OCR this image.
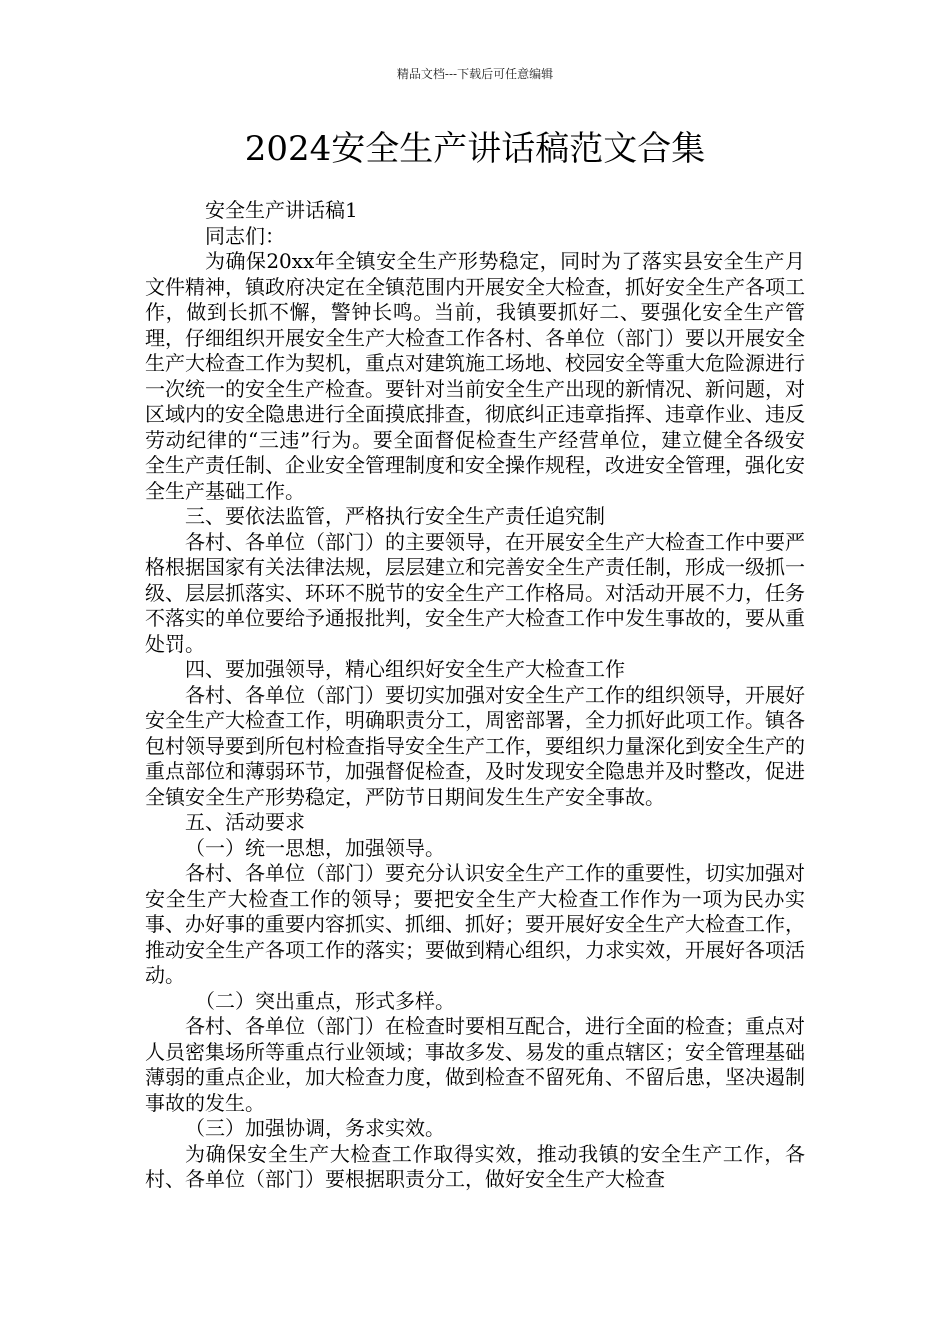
精品文档---下载后可任意编辑
2024安全生产讲话稿范文合集

安全生产讲话稿1

同志们：

为确保20xx年全镇安全生产形势稳定，同时为了落实县安全生产月文件精神，镇政府决定在全镇范围内开展安全大检查，抓好安全生产各项工作，做到长抓不懈，警钟长鸣。当前，我镇要抓好二、要强化安全生产管理，仔细组织开展安全生产大检查工作各村、各单位（部门）要以开展安全生产大检查工作为契机，重点对建筑施工场地、校园安全等重大危险源进行一次统一的安全生产检查。要针对当前安全生产出现的新情况、新问题，对区域内的安全隐患进行全面摸底排查，彻底纠正违章指挥、违章作业、违反劳动纪律的“三违”行为。要全面督促检查生产经营单位，建立健全各级安全生产责任制、企业安全管理制度和安全操作规程，改进安全管理，强化安全生产基础工作。

三、要依法监管，严格执行安全生产责任追究制

各村、各单位（部门）的主要领导，在开展安全生产大检查工作中要严格根据国家有关法律法规，层层建立和完善安全生产责任制，形成一级抓一级、层层抓落实、环环不脱节的安全生产工作格局。对活动开展不力，任务不落实的单位要给予通报批判，安全生产大检查工作中发生事故的，要从重处罚。

四、要加强领导，精心组织好安全生产大检查工作

各村、各单位（部门）要切实加强对安全生产工作的组织领导，开展好安全生产大检查工作，明确职责分工，周密部署，全力抓好此项工作。镇各包村领导要到所包村检查指导安全生产工作，要组织力量深化到安全生产的重点部位和薄弱环节，加强督促检查，及时发现安全隐患并及时整改，促进全镇安全生产形势稳定，严防节日期间发生生产安全事故。

五、活动要求

（一）统一思想，加强领导。

各村、各单位（部门）要充分认识安全生产工作的重要性，切实加强对安全生产大检查工作的领导；要把安全生产大检查工作作为一项为民办实事、办好事的重要内容抓实、抓细、抓好；要开展好安全生产大检查工作，推动安全生产各项工作的落实；要做到精心组织，力求实效，开展好各项活动。

（二）突出重点，形式多样。

各村、各单位（部门）在检查时要相互配合，进行全面的检查；重点对人员密集场所等重点行业领域；事故多发、易发的重点辖区；安全管理基础薄弱的重点企业，加大检查力度，做到检查不留死角、不留后患，坚决遏制事故的发生。

（三）加强协调，务求实效。

为确保安全生产大检查工作取得实效，推动我镇的安全生产工作，各村、各单位（部门）要根据职责分工，做好安全生产大检查
